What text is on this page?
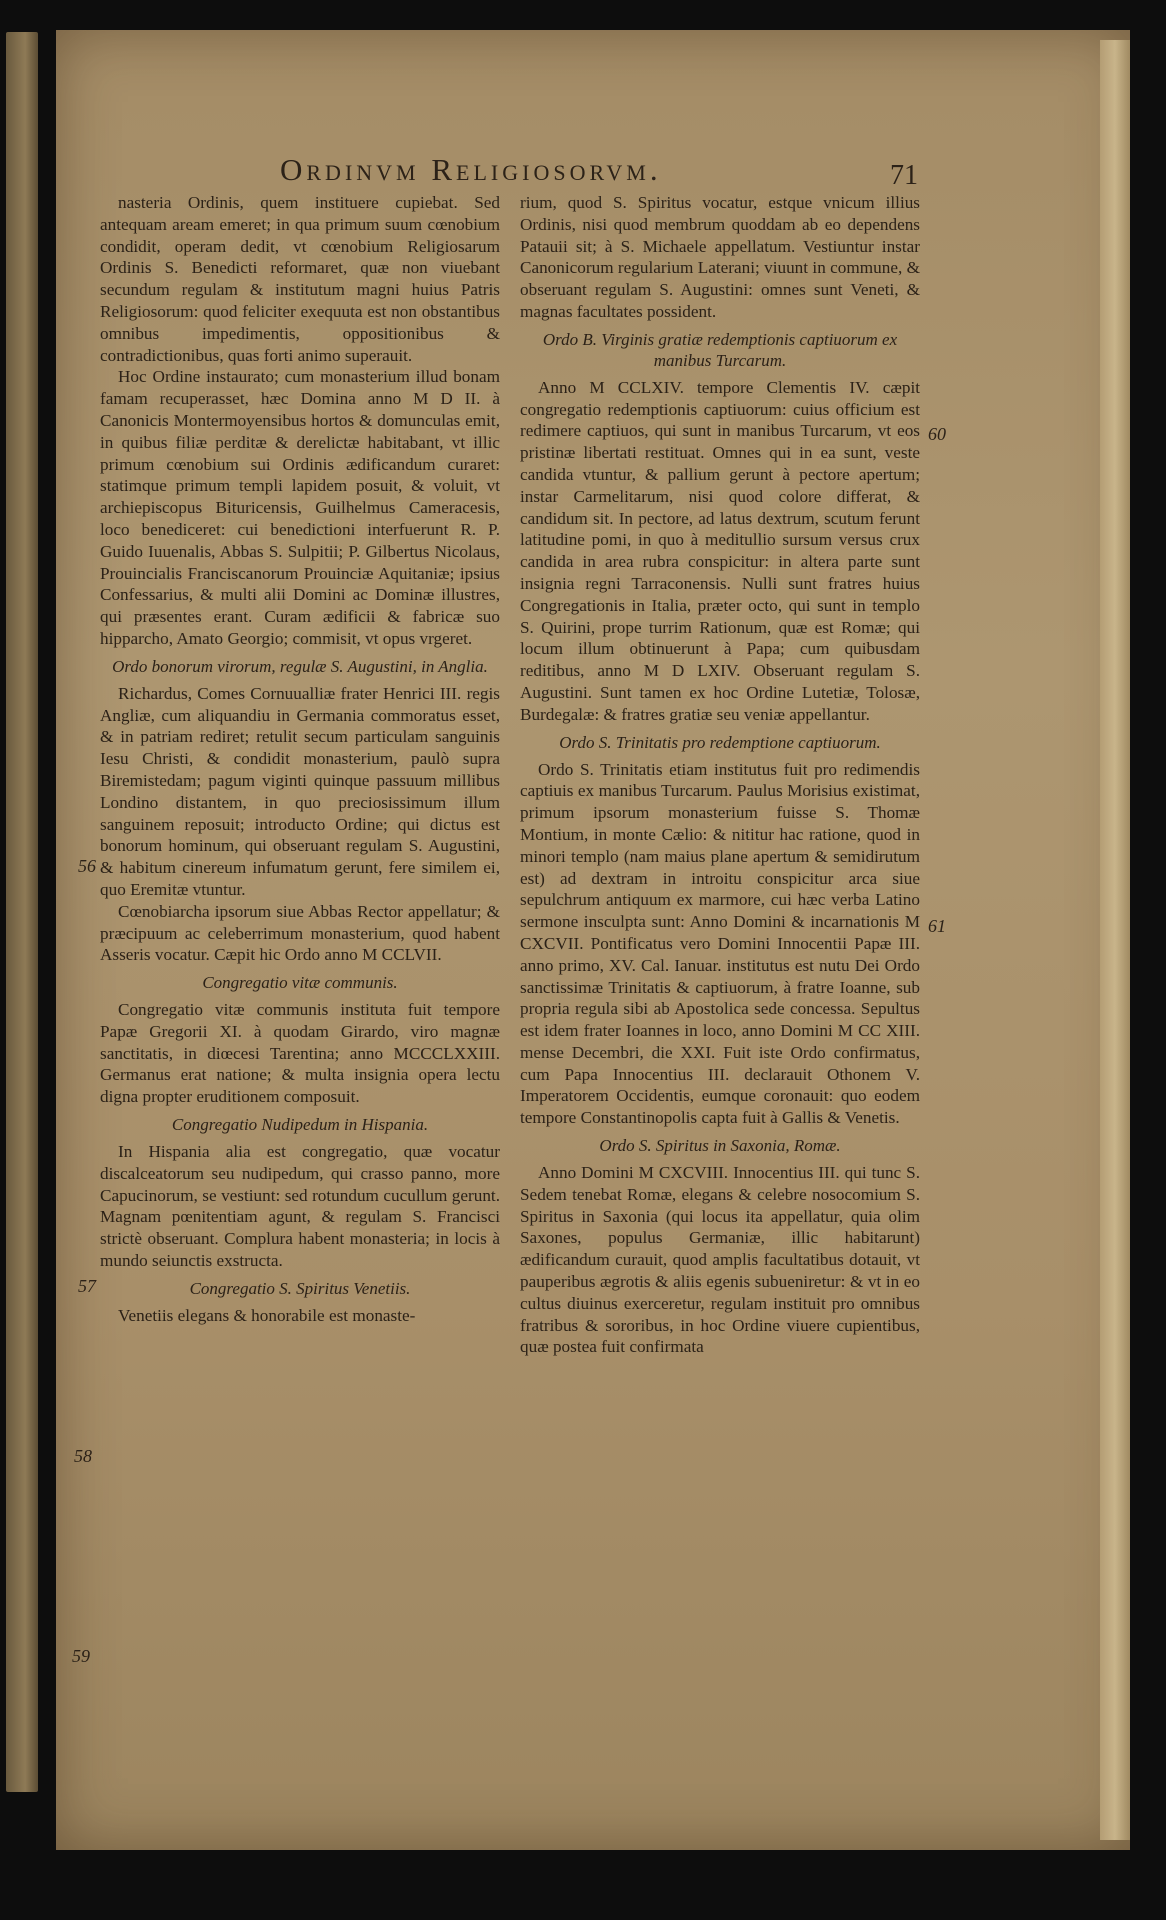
Ordinvm Religiosorvm.	71
56
57
58
59
60
61

nasteria Ordinis, quem instituere cupiebat. Sed antequam aream emeret; in qua primum suum cœnobium condidit, operam dedit, vt cœnobium Religiosarum Ordinis S. Benedicti reformaret, quæ non viuebant secundum regulam & institutum magni huius Patris Religiosorum: quod feliciter exequuta est non obstantibus omnibus impedimentis, oppositionibus & contradictionibus, quas forti animo superauit.

Hoc Ordine instaurato; cum monasterium illud bonam famam recuperasset, hæc Domina anno M D II. à Canonicis Montermoyensibus hortos & domunculas emit, in quibus filiæ perditæ & derelictæ habitabant, vt illic primum cœnobium sui Ordinis ædificandum curaret: statimque primum templi lapidem posuit, & voluit, vt archiepiscopus Bituricensis, Guilhelmus Cameracesis, loco benediceret: cui benedictioni interfuerunt R. P. Guido Iuuenalis, Abbas S. Sulpitii; P. Gilbertus Nicolaus, Prouincialis Franciscanorum Prouinciæ Aquitaniæ; ipsius Confessarius, & multi alii Domini ac Dominæ illustres, qui præsentes erant. Curam ædificii & fabricæ suo hipparcho, Amato Georgio; commisit, vt opus vrgeret.

Ordo bonorum virorum, regulæ S. Augustini, in Anglia.

Richardus, Comes Cornuualliæ frater Henrici III. regis Angliæ, cum aliquandiu in Germania commoratus esset, & in patriam rediret; retulit secum particulam sanguinis Iesu Christi, & condidit monasterium, paulò supra Biremistedam; pagum viginti quinque passuum millibus Londino distantem, in quo preciosissimum illum sanguinem reposuit; introducto Ordine; qui dictus est bonorum hominum, qui obseruant regulam S. Augustini, & habitum cinereum infumatum gerunt, fere similem ei, quo Eremitæ vtuntur.

Cœnobiarcha ipsorum siue Abbas Rector appellatur; & præcipuum ac celeberrimum monasterium, quod habent Asseris vocatur. Cæpit hic Ordo anno M CCLVII.

Congregatio vitæ communis.

Congregatio vitæ communis instituta fuit tempore Papæ Gregorii XI. à quodam Girardo, viro magnæ sanctitatis, in diœcesi Tarentina; anno MCCCLXXIII. Germanus erat natione; & multa insignia opera lectu digna propter eruditionem composuit.

Congregatio Nudipedum in Hispania.

In Hispania alia est congregatio, quæ vocatur discalceatorum seu nudipedum, qui crasso panno, more Capucinorum, se vestiunt: sed rotundum cucullum gerunt. Magnam pœnitentiam agunt, & regulam S. Francisci strictè obseruant. Complura habent monasteria; in locis à mundo seiunctis exstructa.

Congregatio S. Spiritus Venetiis.

Venetiis elegans & honorabile est monaste-

rium, quod S. Spiritus vocatur, estque vnicum illius Ordinis, nisi quod membrum quoddam ab eo dependens Patauii sit; à S. Michaele appellatum. Vestiuntur instar Canonicorum regularium Laterani; viuunt in commune, & obseruant regulam S. Augustini: omnes sunt Veneti, & magnas facultates possident.

Ordo B. Virginis gratiæ redemptionis captiuorum ex manibus Turcarum.

Anno M CCLXIV. tempore Clementis IV. cæpit congregatio redemptionis captiuorum: cuius officium est redimere captiuos, qui sunt in manibus Turcarum, vt eos pristinæ libertati restituat. Omnes qui in ea sunt, veste candida vtuntur, & pallium gerunt à pectore apertum; instar Carmelitarum, nisi quod colore differat, & candidum sit. In pectore, ad latus dextrum, scutum ferunt latitudine pomi, in quo à meditullio sursum versus crux candida in area rubra conspicitur: in altera parte sunt insignia regni Tarraconensis. Nulli sunt fratres huius Congregationis in Italia, præter octo, qui sunt in templo S. Quirini, prope turrim Rationum, quæ est Romæ; qui locum illum obtinuerunt à Papa; cum quibusdam reditibus, anno M D LXIV. Obseruant regulam S. Augustini. Sunt tamen ex hoc Ordine Lutetiæ, Tolosæ, Burdegalæ: & fratres gratiæ seu veniæ appellantur.

Ordo S. Trinitatis pro redemptione captiuorum.

Ordo S. Trinitatis etiam institutus fuit pro redimendis captiuis ex manibus Turcarum. Paulus Morisius existimat, primum ipsorum monasterium fuisse S. Thomæ Montium, in monte Cælio: & nititur hac ratione, quod in minori templo (nam maius plane apertum & semidirutum est) ad dextram in introitu conspicitur arca siue sepulchrum antiquum ex marmore, cui hæc verba Latino sermone insculpta sunt: Anno Domini & incarnationis M CXCVII. Pontificatus vero Domini Innocentii Papæ III. anno primo, XV. Cal. Ianuar. institutus est nutu Dei Ordo sanctissimæ Trinitatis & captiuorum, à fratre Ioanne, sub propria regula sibi ab Apostolica sede concessa. Sepultus est idem frater Ioannes in loco, anno Domini M CC XIII. mense Decembri, die XXI. Fuit iste Ordo confirmatus, cum Papa Innocentius III. declarauit Othonem V. Imperatorem Occidentis, eumque coronauit: quo eodem tempore Constantinopolis capta fuit à Gallis & Venetis.

Ordo S. Spiritus in Saxonia, Romæ.

Anno Domini M CXCVIII. Innocentius III. qui tunc S. Sedem tenebat Romæ, elegans & celebre nosocomium S. Spiritus in Saxonia (qui locus ita appellatur, quia olim Saxones, populus Germaniæ, illic habitarunt) ædificandum curauit, quod amplis facultatibus dotauit, vt pauperibus ægrotis & aliis egenis subueniretur: & vt in eo cultus diuinus exerceretur, regulam instituit pro omnibus fratribus & sororibus, in hoc Ordine viuere cupientibus, quæ postea fuit confirmata
